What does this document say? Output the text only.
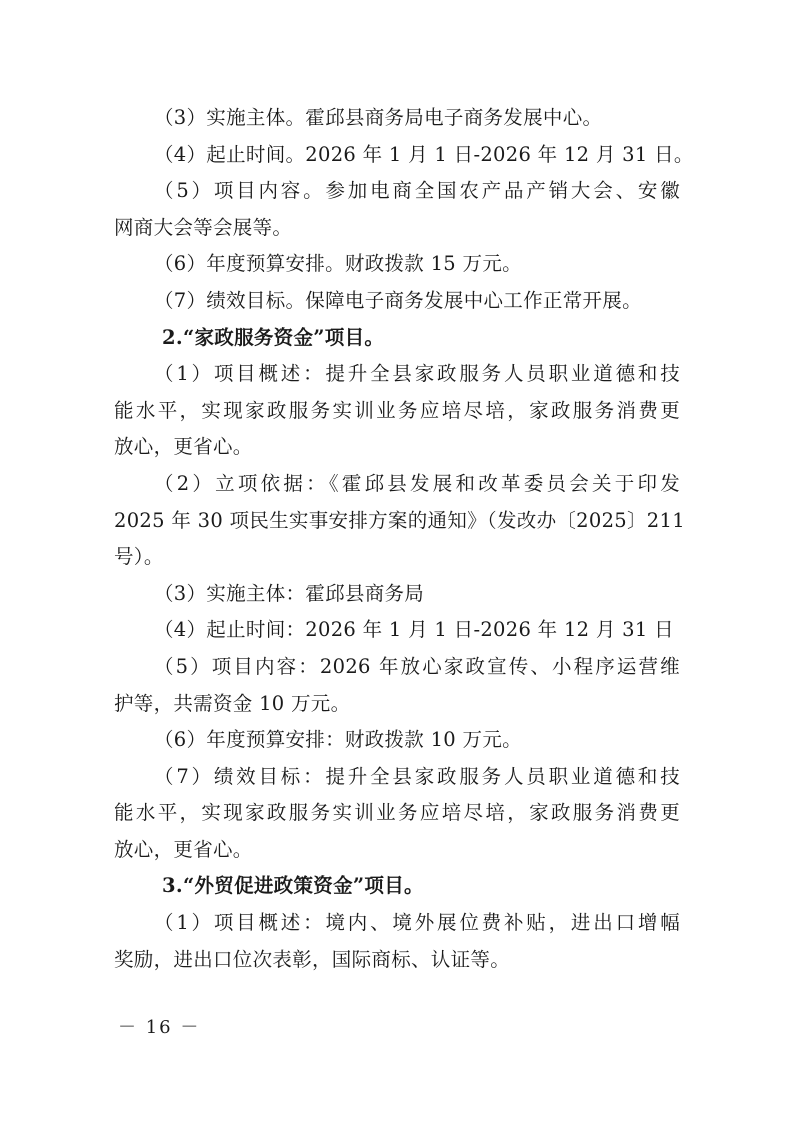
（3）实施主体。霍邱县商务局电子商务发展中心。
（4）起止时间。2026 年 1 月 1 日-2026 年 12 月 31 日。
（5）项目内容。参加电商全国农产品产销大会、安徽
网商大会等会展等。
（6）年度预算安排。财政拨款 15 万元。
（7）绩效目标。保障电子商务发展中心工作正常开展。
2.“家政服务资金”项目。
（1）项目概述：提升全县家政服务人员职业道德和技
能水平，实现家政服务实训业务应培尽培，家政服务消费更
放心，更省心。
（2）立项依据：《霍邱县发展和改革委员会关于印发
2025 年 30 项民生实事安排方案的通知》（发改办〔2025〕211
号）。
（3）实施主体：霍邱县商务局
（4）起止时间：2026 年 1 月 1 日-2026 年 12 月 31 日
（5）项目内容：2026 年放心家政宣传、小程序运营维
护等，共需资金 10 万元。
（6）年度预算安排：财政拨款 10 万元。
（7）绩效目标：提升全县家政服务人员职业道德和技
能水平，实现家政服务实训业务应培尽培，家政服务消费更
放心，更省心。
3.“外贸促进政策资金”项目。
（1）项目概述：境内、境外展位费补贴，进出口增幅
奖励，进出口位次表彰，国际商标、认证等。
－ 16 －
